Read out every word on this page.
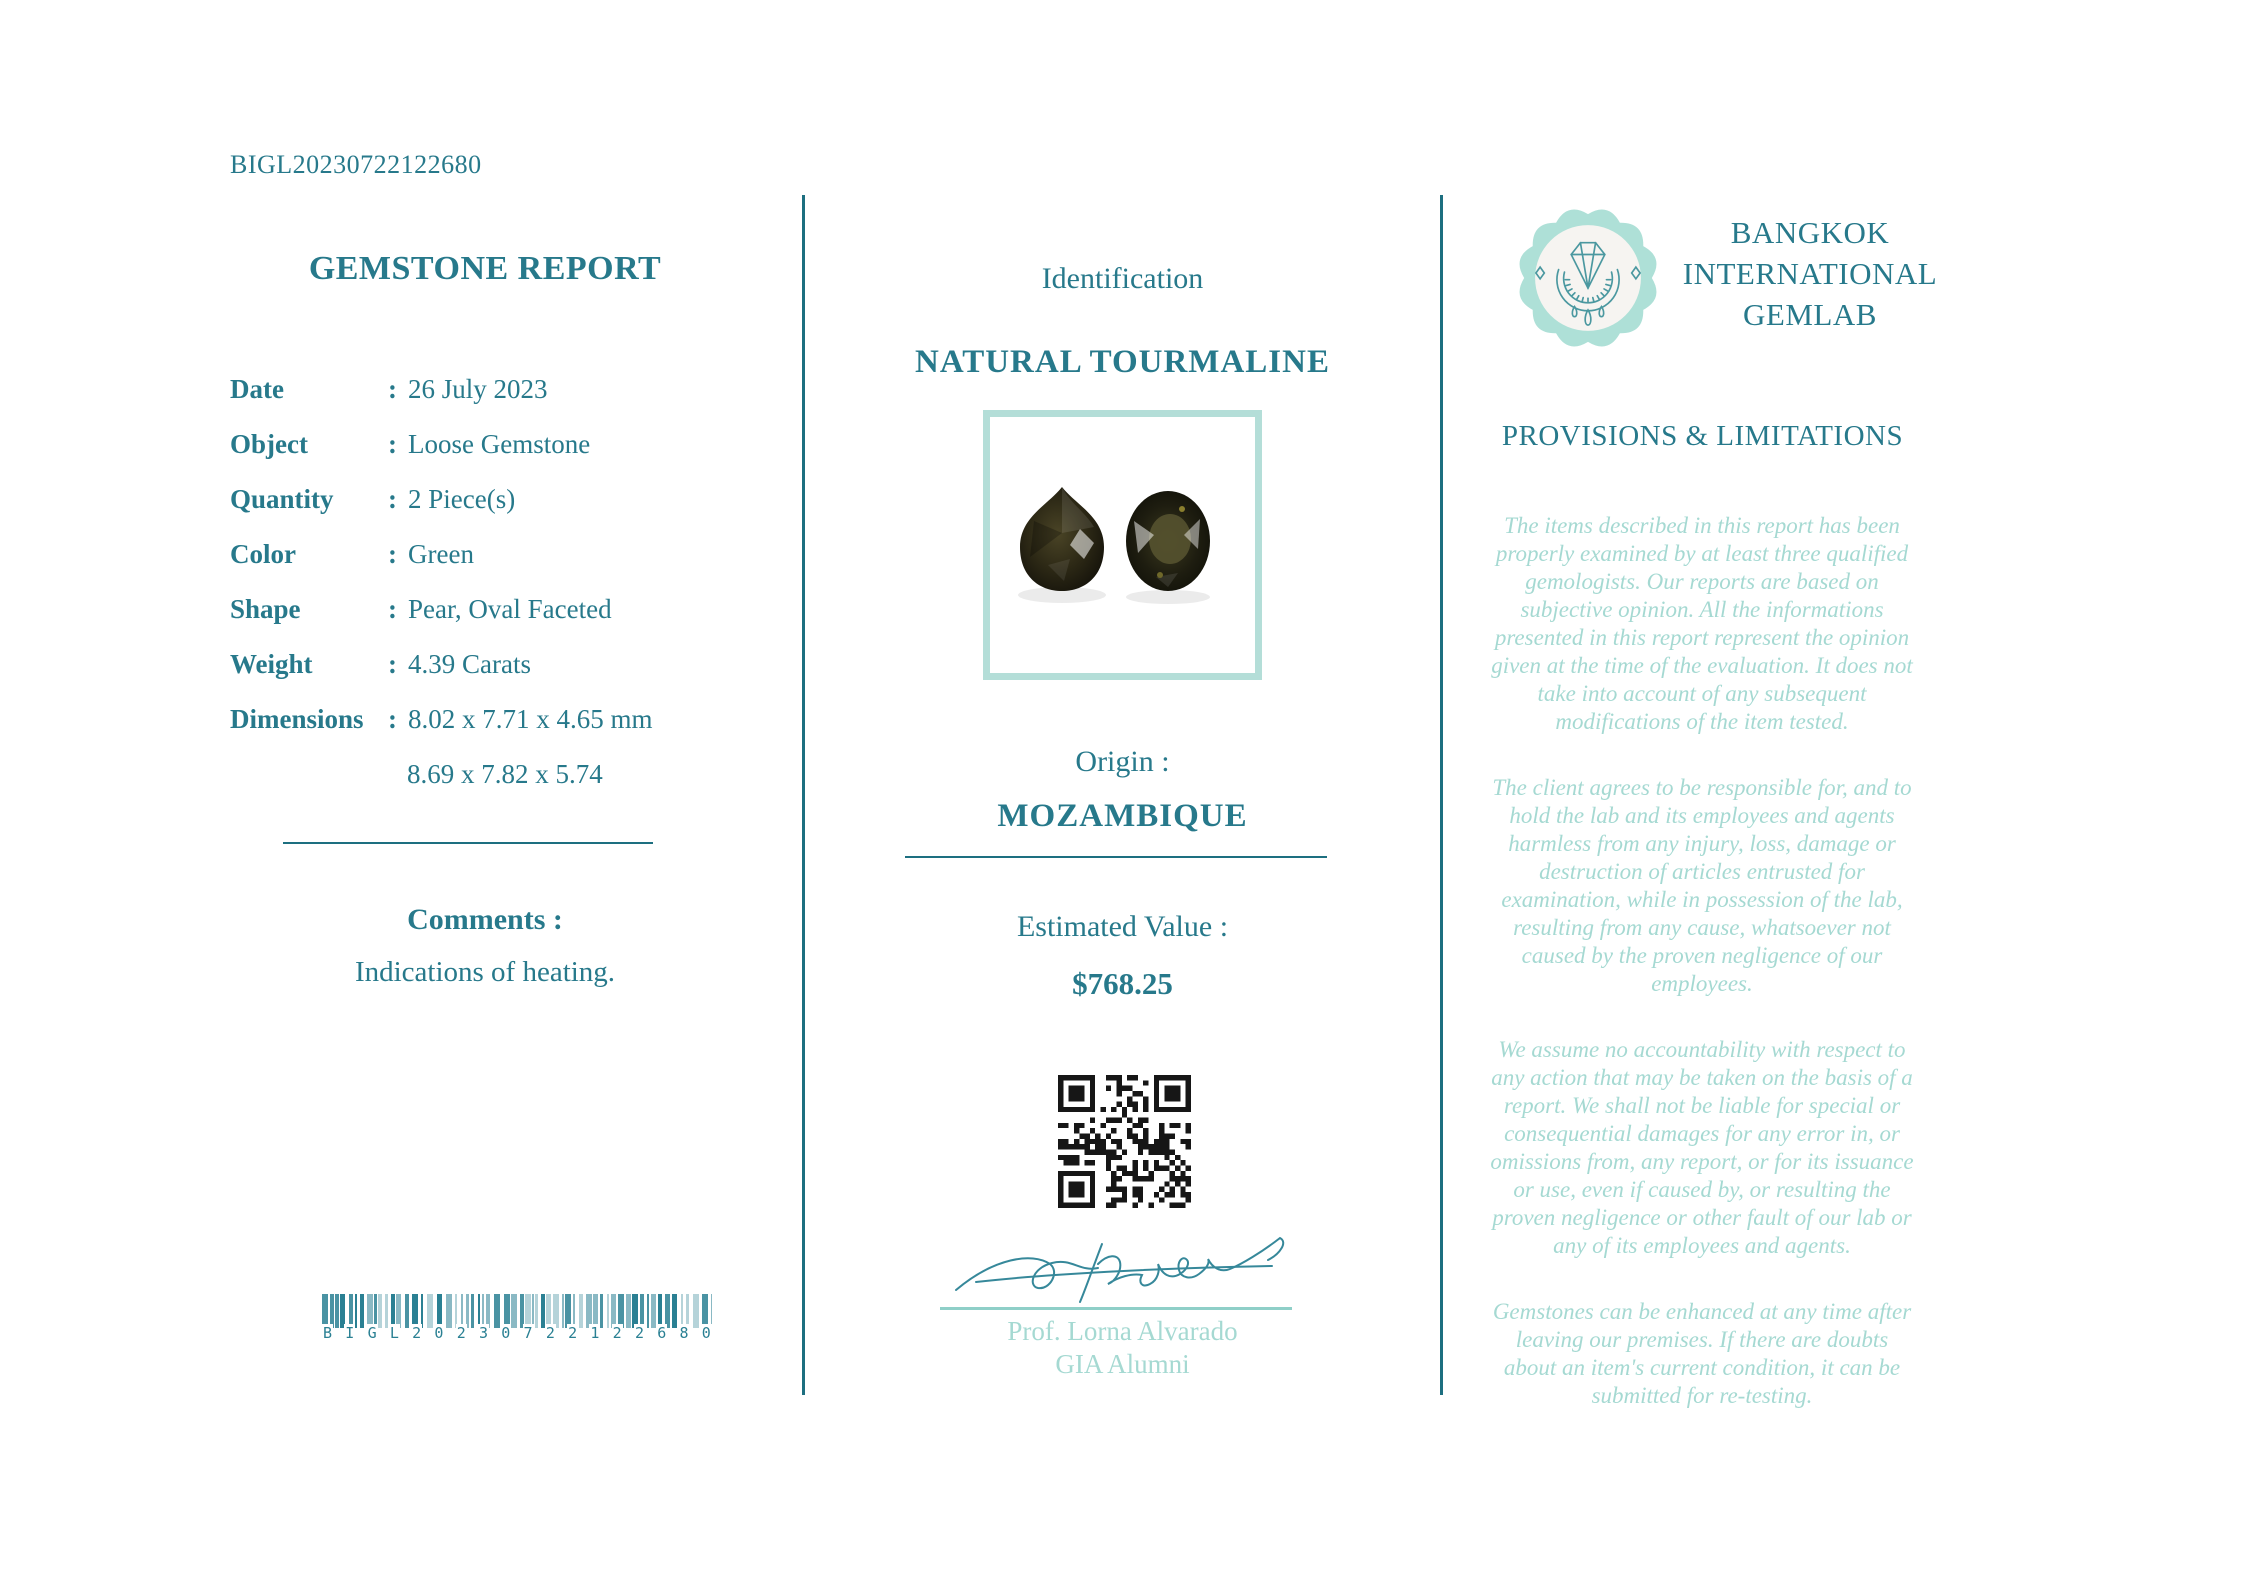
BIGL20230722122680
GEMSTONE REPORT
Date	: 26 July 2023
Object	: Loose Gemstone
Quantity	: 2 Piece(s)
Color	: Green
Shape	: Pear, Oval Faceted
Weight	: 4.39 Carats
Dimensions : 8.02 x 7.71 x 4.65 mm
8.69 x 7.82 x 5.74
Comments :
Indications of heating.
B I G L 2 0 2 3 0 7 2 2 1 2 2 6 8 0
Identification
NATURAL TOURMALINE
Origin :
MOZAMBIQUE
Estimated Value :
$768.25
Prof. Lorna Alvarado
GIA Alumni
BANGKOK
INTERNATIONAL
GEMLAB
PROVISIONS & LIMITATIONS

The items described in this report has been properly examined by at least three qualified gemologists. Our reports are based on subjective opinion. All the informations presented in this report represent the opinion given at the time of the evaluation. It does not take into account of any subsequent modifications of the item tested.

The client agrees to be responsible for, and to hold the lab and its employees and agents harmless from any injury, loss, damage or destruction of articles entrusted for examination, while in possession of the lab, resulting from any cause, whatsoever not caused by the proven negligence of our employees.

We assume no accountability with respect to any action that may be taken on the basis of a report. We shall not be liable for special or consequential damages for any error in, or omissions from, any report, or for its issuance or use, even if caused by, or resulting the proven negligence or other fault of our lab or any of its employees and agents.

Gemstones can be enhanced at any time after leaving our premises. If there are doubts about an item's current condition, it can be submitted for re-testing.
